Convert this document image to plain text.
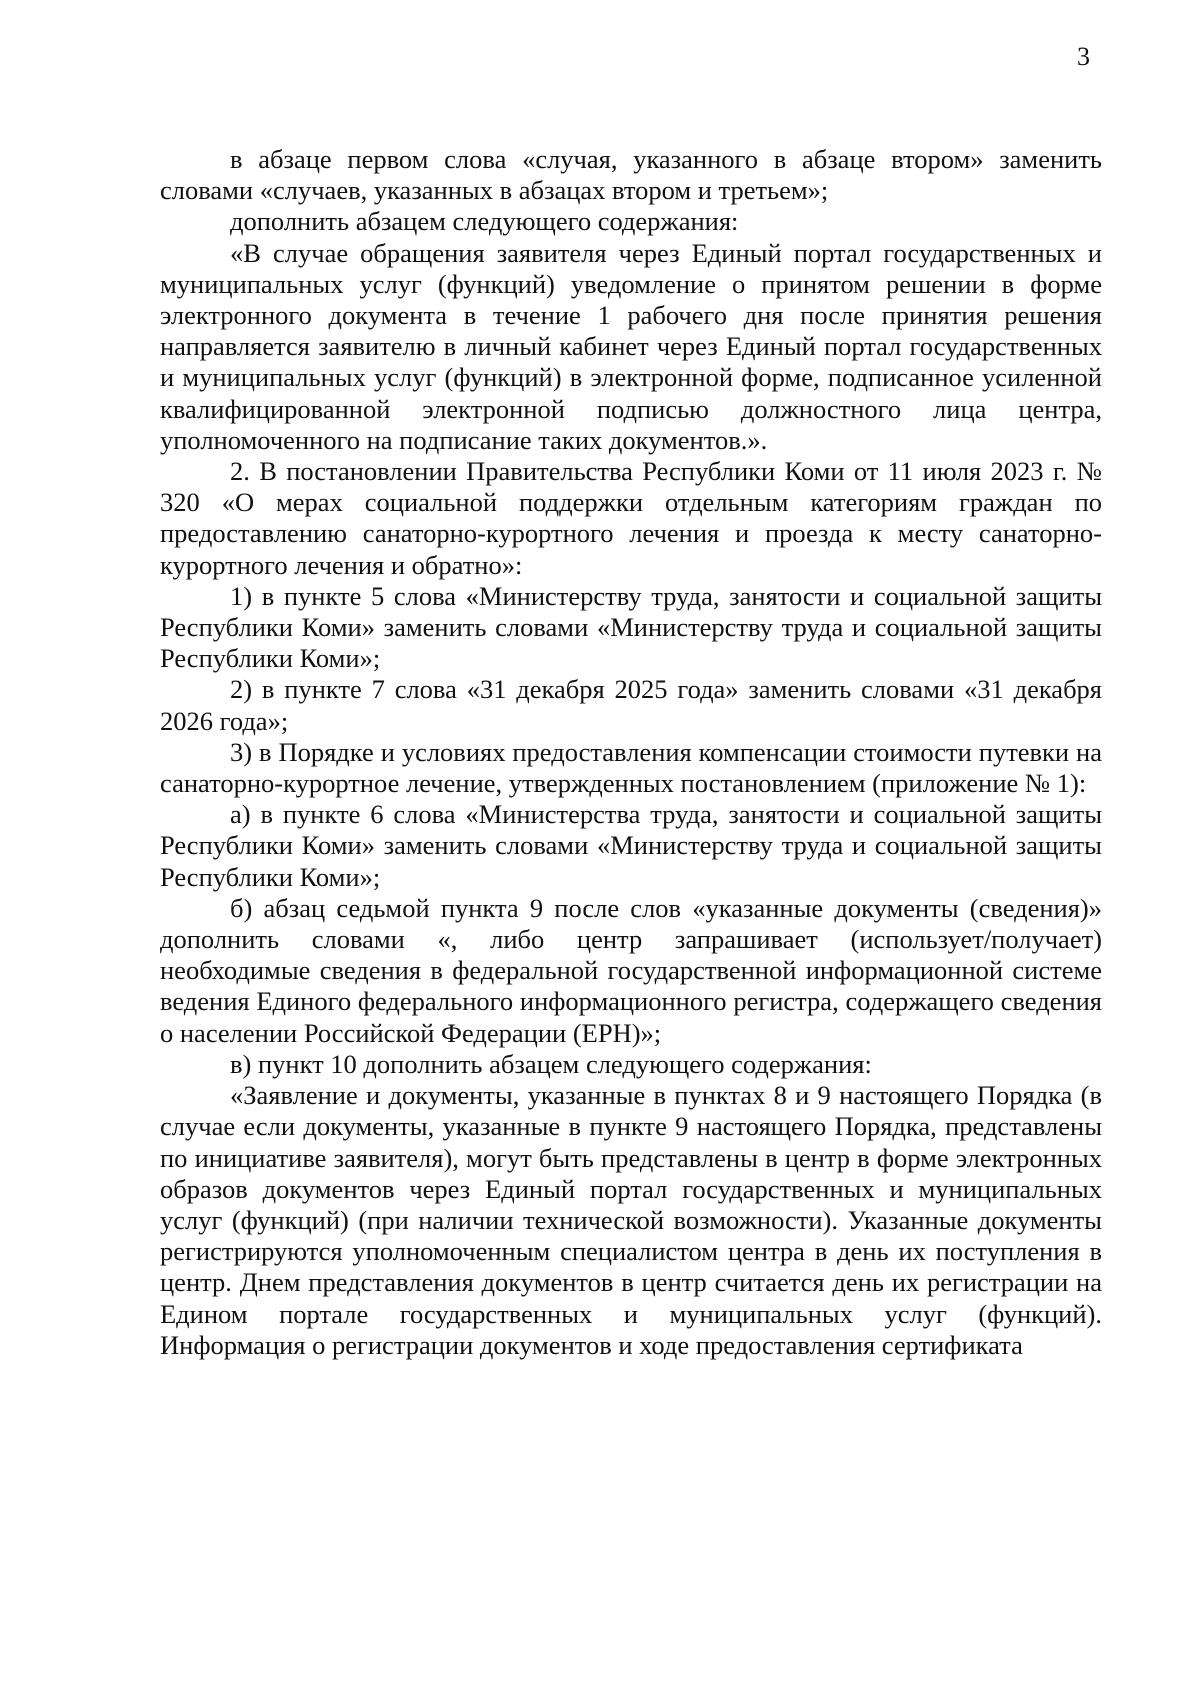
3

в абзаце первом слова «случая, указанного в абзаце втором» заменить словами «случаев, указанных в абзацах втором и третьем»;

дополнить абзацем следующего содержания:

«В случае обращения заявителя через Единый портал государственных и муниципальных услуг (функций) уведомление о принятом решении в форме электронного документа в течение 1 рабочего дня после принятия решения направляется заявителю в личный кабинет через Единый портал государственных и муниципальных услуг (функций) в электронной форме, подписанное усиленной квалифицированной электронной подписью должностного лица центра, уполномоченного на подписание таких документов.».

2. В постановлении Правительства Республики Коми от 11 июля 2023 г. № 320 «О мерах социальной поддержки отдельным категориям граждан по предоставлению санаторно-курортного лечения и проезда к месту санаторно-курортного лечения и обратно»:

1) в пункте 5 слова «Министерству труда, занятости и социальной защиты Республики Коми» заменить словами «Министерству труда и социальной защиты Республики Коми»;

2) в пункте 7 слова «31 декабря 2025 года» заменить словами «31 декабря 2026 года»;

3) в Порядке и условиях предоставления компенсации стоимости путевки на санаторно-курортное лечение, утвержденных постановлением (приложение № 1):

а) в пункте 6 слова «Министерства труда, занятости и социальной защиты Республики Коми» заменить словами «Министерству труда и социальной защиты Республики Коми»;

б) абзац седьмой пункта 9 после слов «указанные документы (сведения)» дополнить словами «, либо центр запрашивает (использует/получает) необходимые сведения в федеральной государственной информационной системе ведения Единого федерального информационного регистра, содержащего сведения о населении Российской Федерации (ЕРН)»;

в) пункт 10 дополнить абзацем следующего содержания:

«Заявление и документы, указанные в пунктах 8 и 9 настоящего Порядка (в случае если документы, указанные в пункте 9 настоящего Порядка, представлены по инициативе заявителя), могут быть представлены в центр в форме электронных образов документов через Единый портал государственных и муниципальных услуг (функций) (при наличии технической возможности). Указанные документы регистрируются уполномоченным специалистом центра в день их поступления в центр. Днем представления документов в центр считается день их регистрации на Едином портале государственных и муниципальных услуг (функций). Информация о регистрации документов и ходе предоставления сертификата
